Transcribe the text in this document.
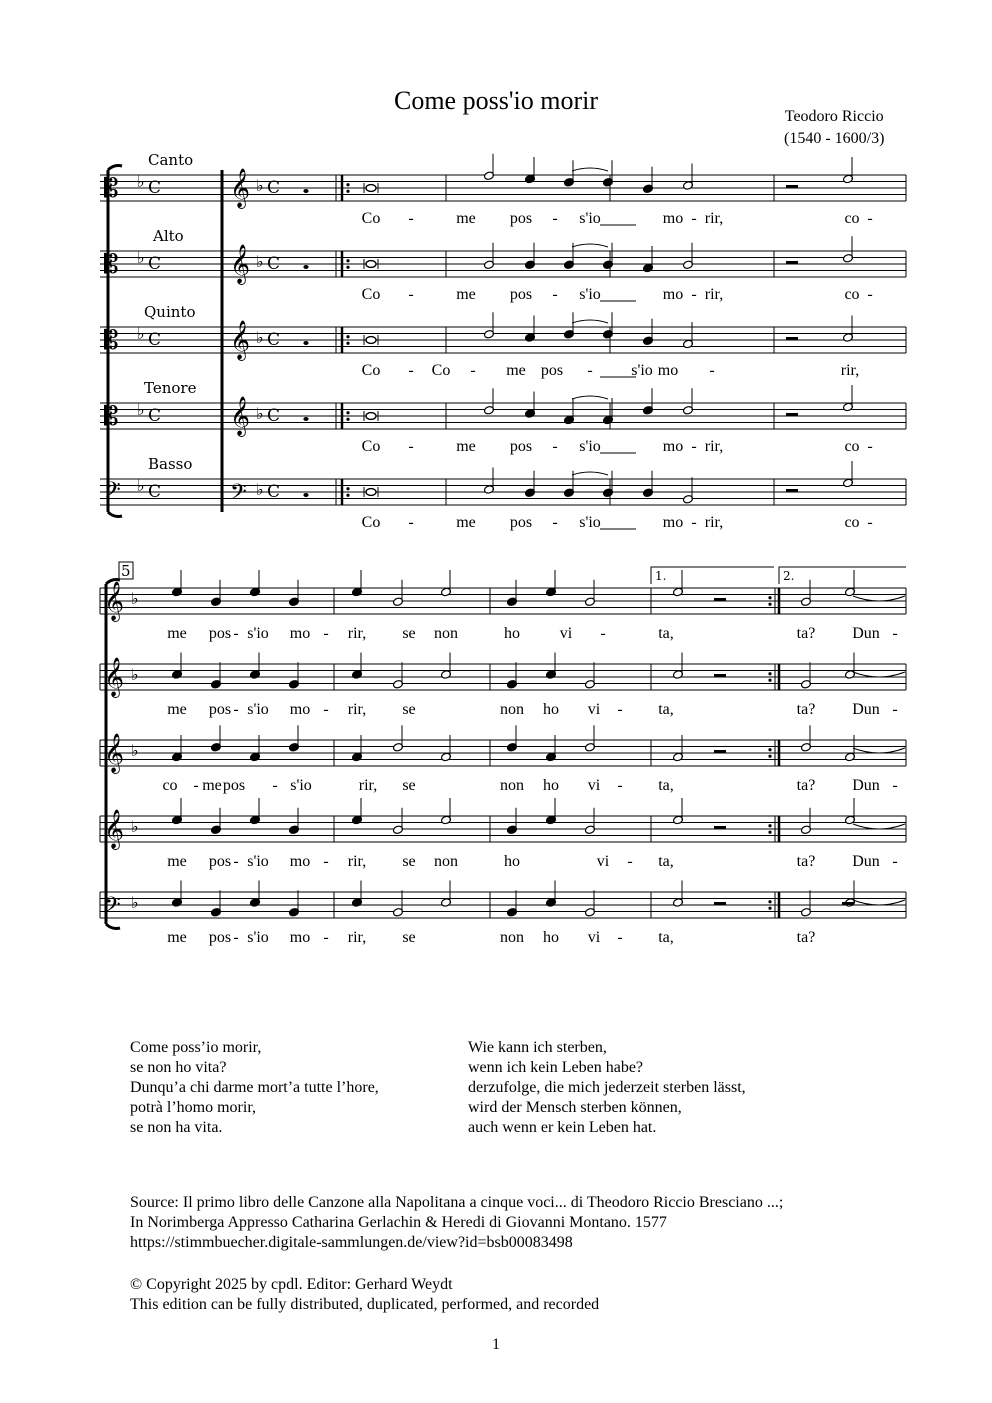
Come poss'io morir
Teodoro Riccio
(1540 - 1600/3)
𝄡 ♭ C 𝄞 ♭ C
Canto
Co -	me pos - s'io	mo - rir,	co -
𝄡 ♭ C 𝄞 ♭ C
Alto
Co -	me pos - s'io	mo - rir,	co -
𝄡 ♭ C 𝄞 ♭ C
Quinto
Co - Co - me pos - s'io mo -	rir,
𝄡 ♭ C 𝄞 ♭ C
Tenore
Co -	me pos - s'io	mo - rir,	co -
𝄢 ♭ C	𝄢 ♭ C
Basso
Co -	me pos - s'io	mo - rir,	co -
5	1.	2.
𝄞 ♭
me pos - s'io mo - rir, se non	ho vi -	ta,	ta? Dun -
𝄞 ♭
me pos - s'io mo - rir, se	non ho vi - ta,	ta? Dun -
𝄞 ♭
co - me pos - s'io	rir, se	non ho vi - ta,	ta? Dun -
𝄞 ♭
me pos - s'io mo - rir, se non	ho	vi - ta,	ta? Dun -
𝄢 ♭
me pos - s'io mo - rir, se	non ho vi - ta,	ta?
Come poss’io morir,
se non ho vita?
Dunqu’a chi darme mort’a tutte l’hore,
potrà l’homo morir,
se non ha vita.
Wie kann ich sterben,
wenn ich kein Leben habe?
derzufolge, die mich jederzeit sterben lässt,
wird der Mensch sterben können,
auch wenn er kein Leben hat.
Source: Il primo libro delle Canzone alla Napolitana a cinque voci... di Theodoro Riccio Bresciano ...;
In Norimberga Appresso Catharina Gerlachin & Heredi di Giovanni Montano. 1577
https://stimmbuecher.digitale-sammlungen.de/view?id=bsb00083498
© Copyright 2025 by cpdl. Editor: Gerhard Weydt
This edition can be fully distributed, duplicated, performed, and recorded
1
